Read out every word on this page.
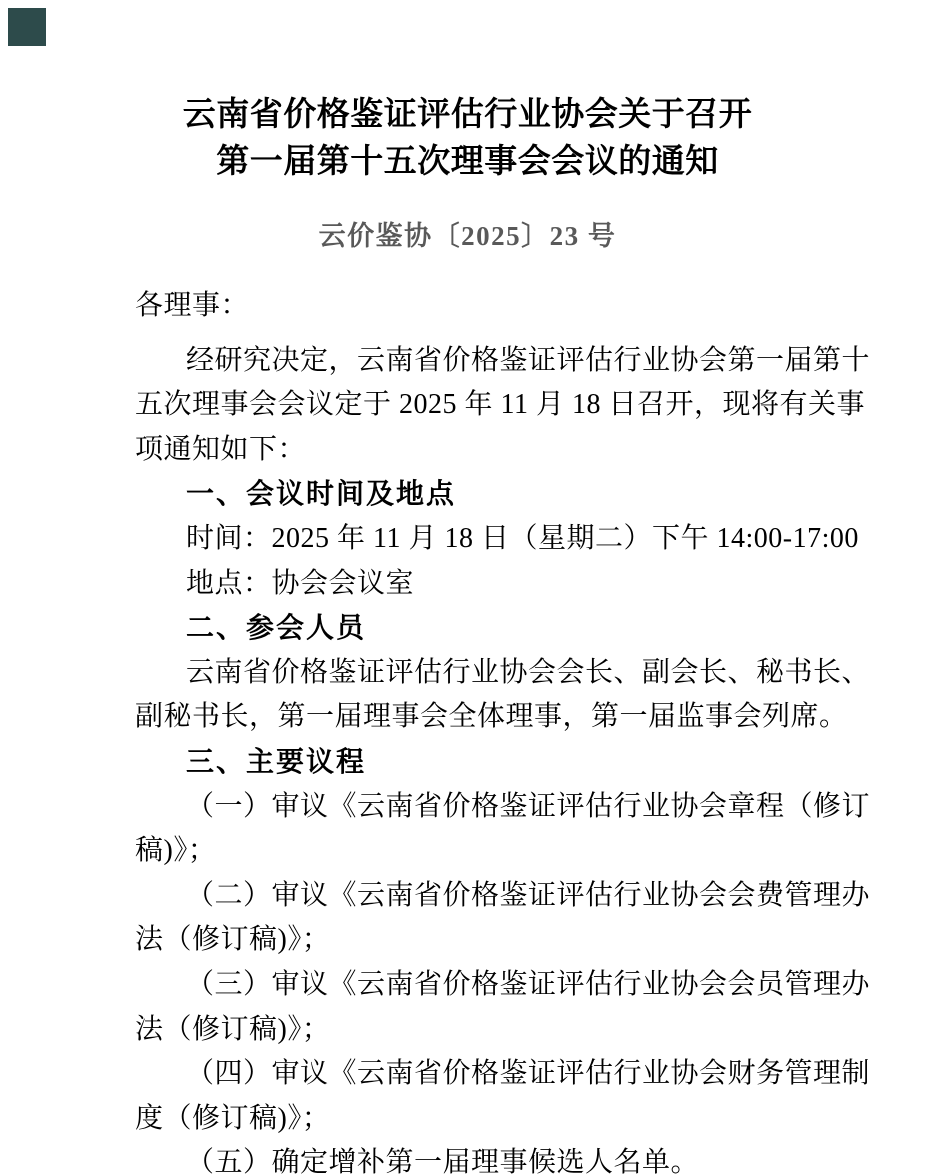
云南省价格鉴证评估行业协会关于召开
第一届第十五次理事会会议的通知
云价鉴协〔2025〕23 号
各理事：
经研究决定，云南省价格鉴证评估行业协会第一届第十
五次理事会会议定于 2025 年 11 月 18 日召开，现将有关事
项通知如下：
一、会议时间及地点
时间：2025 年 11 月 18 日（星期二）下午 14:00-17:00
地点：协会会议室
二、参会人员
云南省价格鉴证评估行业协会会长、副会长、秘书长、
副秘书长，第一届理事会全体理事，第一届监事会列席。
三、主要议程
（一）审议《云南省价格鉴证评估行业协会章程（修订
稿)》；
（二）审议《云南省价格鉴证评估行业协会会费管理办
法（修订稿)》；
（三）审议《云南省价格鉴证评估行业协会会员管理办
法（修订稿)》；
（四）审议《云南省价格鉴证评估行业协会财务管理制
度（修订稿)》；
（五）确定增补第一届理事候选人名单。
